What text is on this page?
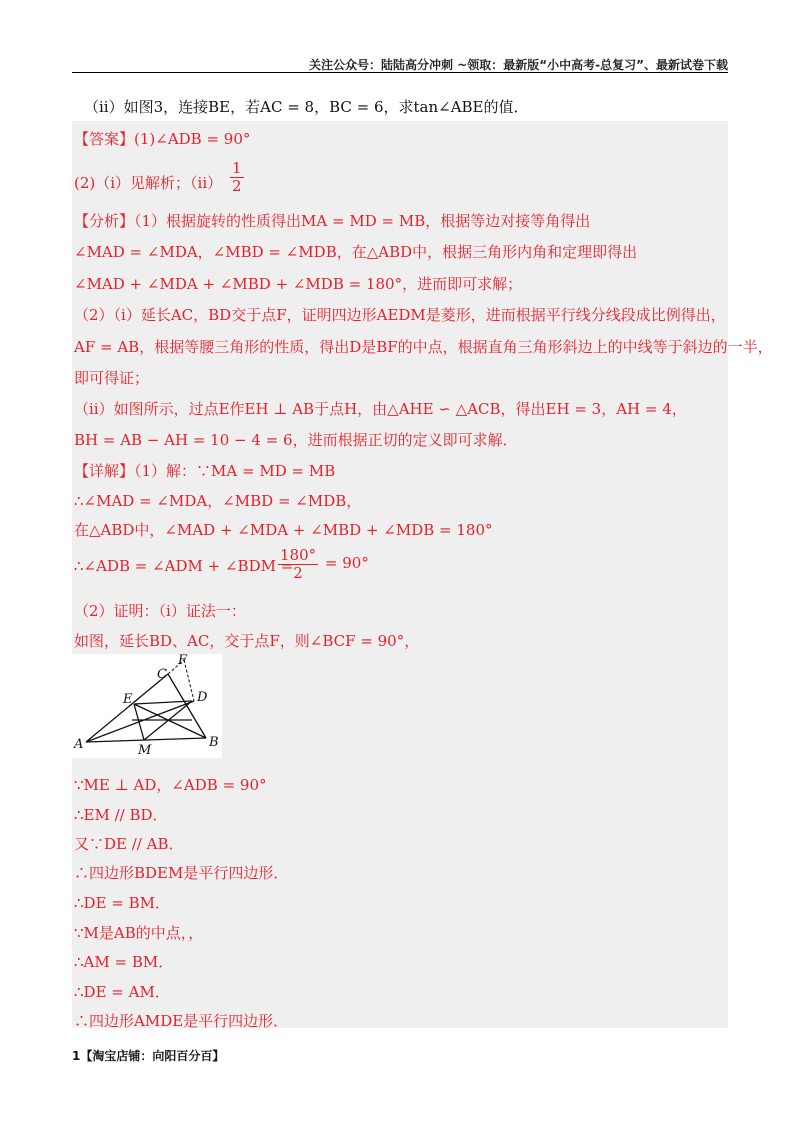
关注公众号：陆陆高分冲刺 ~领取：最新版“小中高考-总复习”、最新试卷下载
（ii）如图3，连接BE，若AC = 8，BC = 6，求tan∠ABE的值．
【答案】(1)∠ADB = 90°
(2)（i）见解析；（ii）
【分析】（1）根据旋转的性质得出MA = MD = MB，根据等边对接等角得出
∠MAD = ∠MDA，∠MBD = ∠MDB，在△ABD中，根据三角形内角和定理即得出
∠MAD + ∠MDA + ∠MBD + ∠MDB = 180°，进而即可求解；
（2）（i）延长AC，BD交于点F，证明四边形AEDM是菱形，进而根据平行线分线段成比例得出，
AF = AB，根据等腰三角形的性质，得出D是BF的中点，根据直角三角形斜边上的中线等于斜边的一半，
即可得证；
（ii）如图所示，过点E作EH ⊥ AB于点H，由△AHE ∽ △ACB，得出EH = 3，AH = 4，
BH = AB − AH = 10 − 4 = 6，进而根据正切的定义即可求解．
【详解】（1）解：∵MA = MD = MB
∴∠MAD = ∠MDA，∠MBD = ∠MDB，
在△ABD中，∠MAD + ∠MDA + ∠MBD + ∠MDB = 180°
∴∠ADB = ∠ADM + ∠BDM =
（2）证明：（i）证法一：
如图，延长BD、AC，交于点F，则∠BCF = 90°，
∵ME ⊥ AD，∠ADB = 90°
∴EM // BD．
又∵DE // AB．
∴四边形BDEM是平行四边形．
∴DE = BM．
∵M是AB的中点，，
∴AM = BM．
∴DE = AM．
∴四边形AMDE是平行四边形．
$\frac{1}{2}$
$\frac{180^\circ}{2} = 90^\circ$
A	B
C
D
E
F
M
1【淘宝店铺：向阳百分百】
